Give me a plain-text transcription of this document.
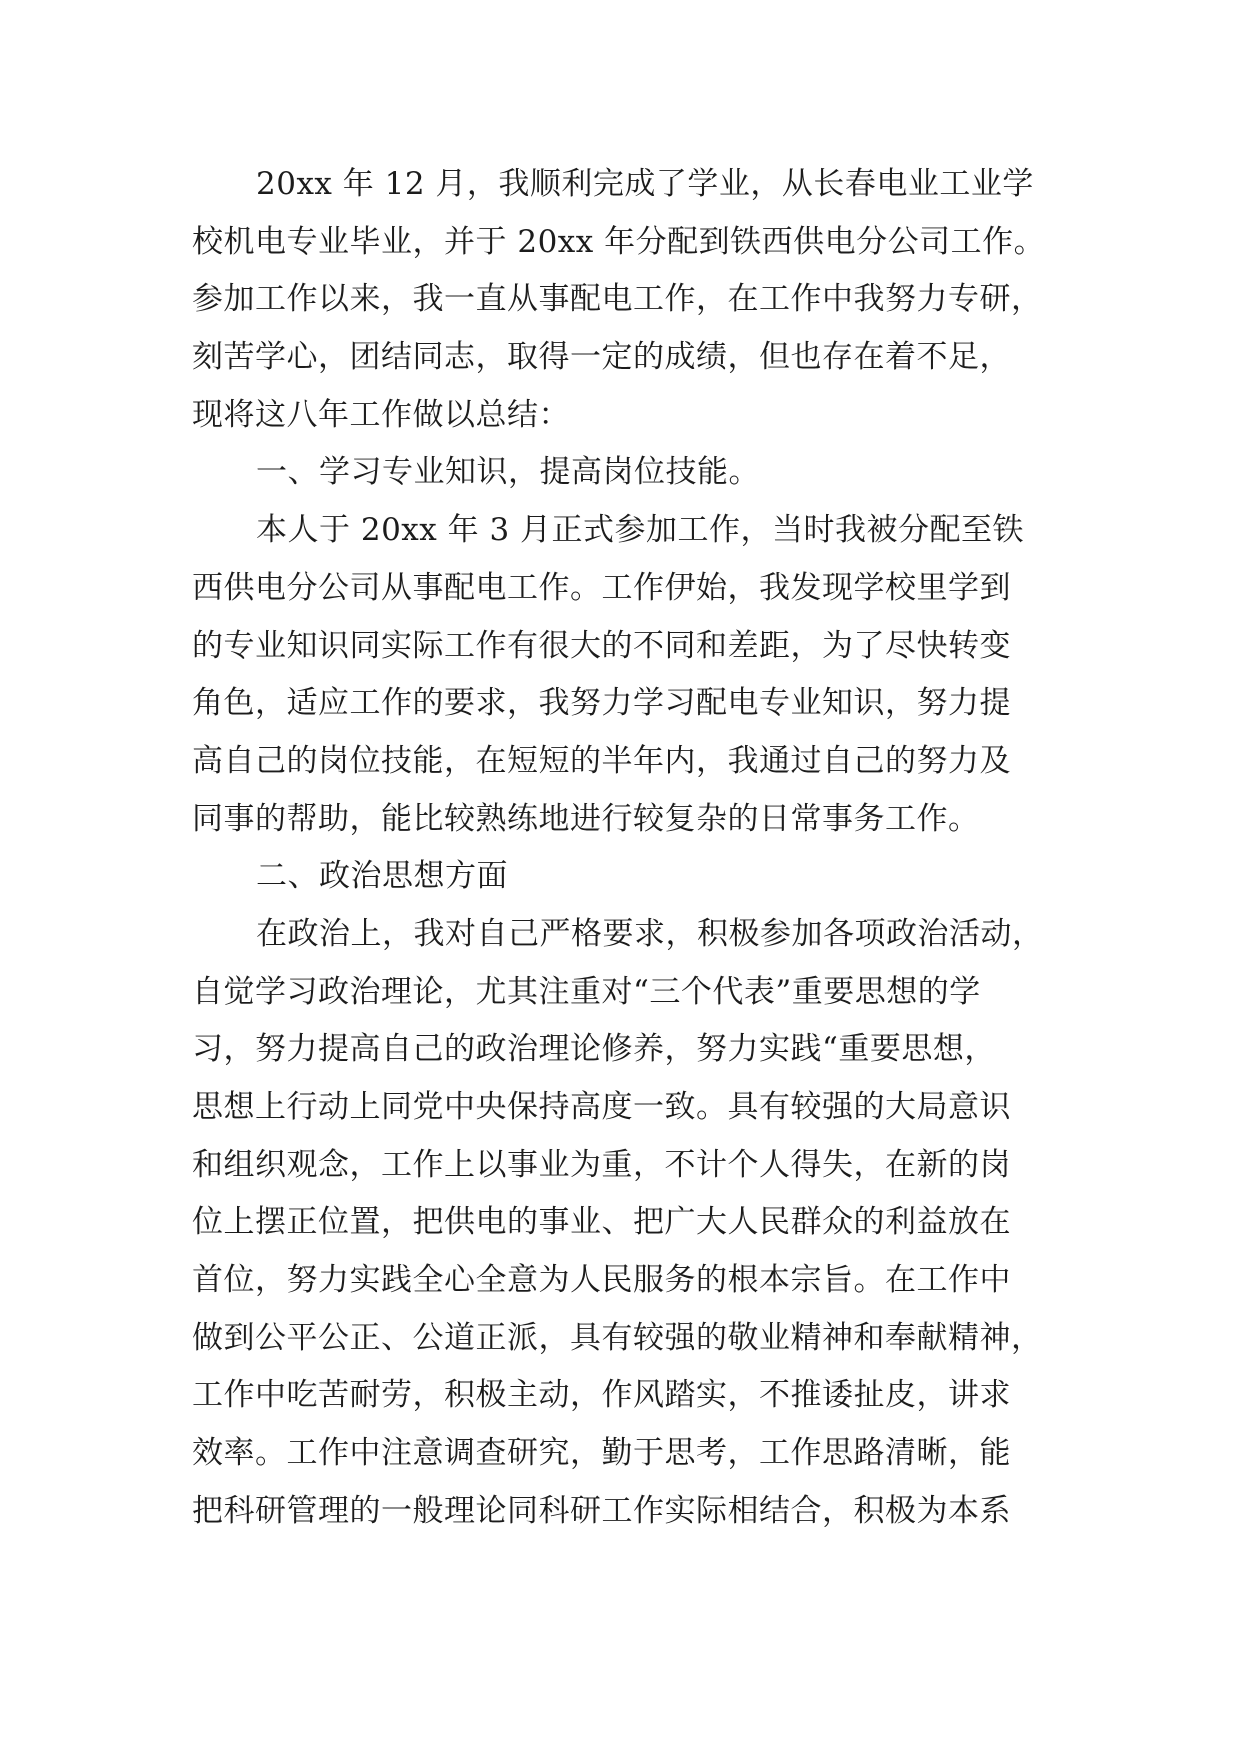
20xx 年 12 月，我顺利完成了学业，从长春电业工业学
校机电专业毕业，并于 20xx 年分配到铁西供电分公司工作。
参加工作以来，我一直从事配电工作，在工作中我努力专研，
刻苦学心，团结同志，取得一定的成绩，但也存在着不足，
现将这八年工作做以总结：
一、学习专业知识，提高岗位技能。
本人于 20xx 年 3 月正式参加工作，当时我被分配至铁
西供电分公司从事配电工作。工作伊始，我发现学校里学到
的专业知识同实际工作有很大的不同和差距，为了尽快转变
角色，适应工作的要求，我努力学习配电专业知识，努力提
高自己的岗位技能，在短短的半年内，我通过自己的努力及
同事的帮助，能比较熟练地进行较复杂的日常事务工作。
二、政治思想方面
在政治上，我对自己严格要求，积极参加各项政治活动，
自觉学习政治理论，尤其注重对“三个代表”重要思想的学
习，努力提高自己的政治理论修养，努力实践“重要思想，
思想上行动上同党中央保持高度一致。具有较强的大局意识
和组织观念，工作上以事业为重，不计个人得失，在新的岗
位上摆正位置，把供电的事业、把广大人民群众的利益放在
首位，努力实践全心全意为人民服务的根本宗旨。在工作中
做到公平公正、公道正派，具有较强的敬业精神和奉献精神，
工作中吃苦耐劳，积极主动，作风踏实，不推诿扯皮，讲求
效率。工作中注意调查研究，勤于思考，工作思路清晰，能
把科研管理的一般理论同科研工作实际相结合，积极为本系
